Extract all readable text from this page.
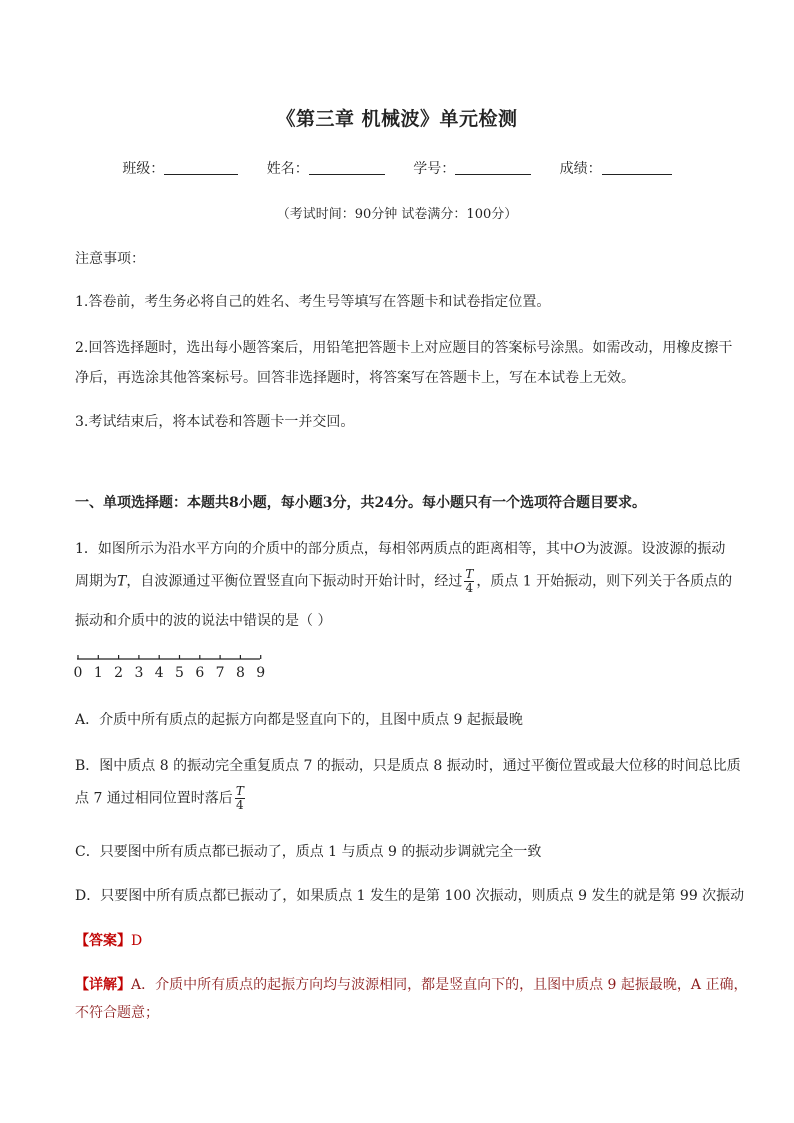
《第三章 机械波》单元检测
班级：	姓名：	学号：	成绩：
（考试时间：90分钟 试卷满分：100分）
注意事项：
1.答卷前，考生务必将自己的姓名、考生号等填写在答题卡和试卷指定位置。
2.回答选择题时，选出每小题答案后，用铅笔把答题卡上对应题目的答案标号涂黑。如需改动，用橡皮擦干
净后，再选涂其他答案标号。回答非选择题时，将答案写在答题卡上，写在本试卷上无效。
3.考试结束后，将本试卷和答题卡一并交回。
一、单项选择题：本题共8小题，每小题3分，共24分。每小题只有一个选项符合题目要求。
1．如图所示为沿水平方向的介质中的部分质点，每相邻两质点的距离相等，其中O为波源。设波源的振动
周期为T，自波源通过平衡位置竖直向下振动时开始计时，经过 $\frac{T}{4}$ ，质点 1 开始振动，则下列关于各质点的
振动和介质中的波的说法中错误的是（ ）
0 1 2 3 4 5 6 7 8 9
A．介质中所有质点的起振方向都是竖直向下的，且图中质点 9 起振最晚
B．图中质点 8 的振动完全重复质点 7 的振动，只是质点 8 振动时，通过平衡位置或最大位移的时间总比质
点 7 通过相同位置时落后 $\frac{T}{4}$
C．只要图中所有质点都已振动了，质点 1 与质点 9 的振动步调就完全一致
D．只要图中所有质点都已振动了，如果质点 1 发生的是第 100 次振动，则质点 9 发生的就是第 99 次振动
【答案】D
【详解】A．介质中所有质点的起振方向均与波源相同，都是竖直向下的，且图中质点 9 起振最晚，A 正确，
不符合题意；
